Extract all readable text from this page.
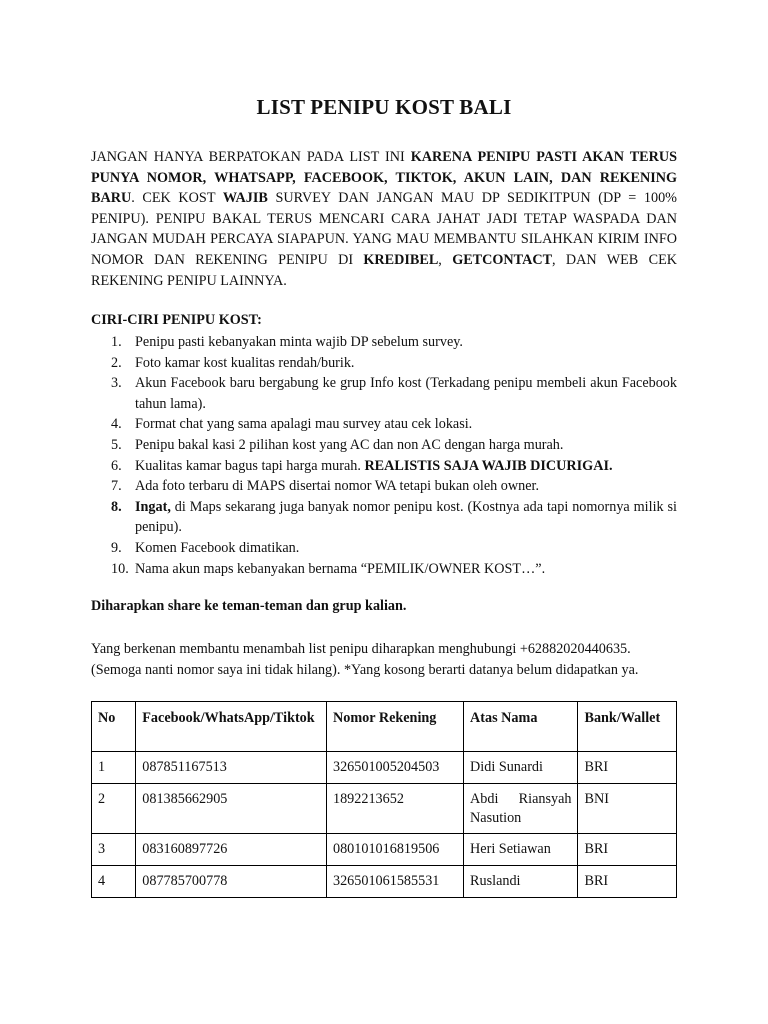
LIST PENIPU KOST BALI

JANGAN HANYA BERPATOKAN PADA LIST INI KARENA PENIPU PASTI AKAN TERUS PUNYA NOMOR, WHATSAPP, FACEBOOK, TIKTOK, AKUN LAIN, DAN REKENING BARU. CEK KOST WAJIB SURVEY DAN JANGAN MAU DP SEDIKITPUN (DP = 100% PENIPU). PENIPU BAKAL TERUS MENCARI CARA JAHAT JADI TETAP WASPADA DAN JANGAN MUDAH PERCAYA SIAPAPUN. YANG MAU MEMBANTU SILAHKAN KIRIM INFO NOMOR DAN REKENING PENIPU DI KREDIBEL, GETCONTACT, DAN WEB CEK REKENING PENIPU LAINNYA.

CIRI-CIRI PENIPU KOST:

1. Penipu pasti kebanyakan minta wajib DP sebelum survey.
2. Foto kamar kost kualitas rendah/burik.
3. Akun Facebook baru bergabung ke grup Info kost (Terkadang penipu membeli akun Facebook tahun lama).
4. Format chat yang sama apalagi mau survey atau cek lokasi.
5. Penipu bakal kasi 2 pilihan kost yang AC dan non AC dengan harga murah.
6. Kualitas kamar bagus tapi harga murah. REALISTIS SAJA WAJIB DICURIGAI.
7. Ada foto terbaru di MAPS disertai nomor WA tetapi bukan oleh owner.
8. Ingat, di Maps sekarang juga banyak nomor penipu kost. (Kostnya ada tapi nomornya milik si penipu).
9. Komen Facebook dimatikan.
10. Nama akun maps kebanyakan bernama “PEMILIK/OWNER KOST…”.

Diharapkan share ke teman-teman dan grup kalian.

Yang berkenan membantu menambah list penipu diharapkan menghubungi +62882020440635. (Semoga nanti nomor saya ini tidak hilang). *Yang kosong berarti datanya belum didapatkan ya.

No	Facebook/WhatsApp/Tiktok	Nomor Rekening	Atas Nama	Bank/Wallet
1	087851167513	326501005204503	Didi Sunardi	BRI
2	081385662905	1892213652	Abdi Riansyah Nasution	BNI
3	083160897726	080101016819506	Heri Setiawan	BRI
4	087785700778	326501061585531	Ruslandi	BRI
